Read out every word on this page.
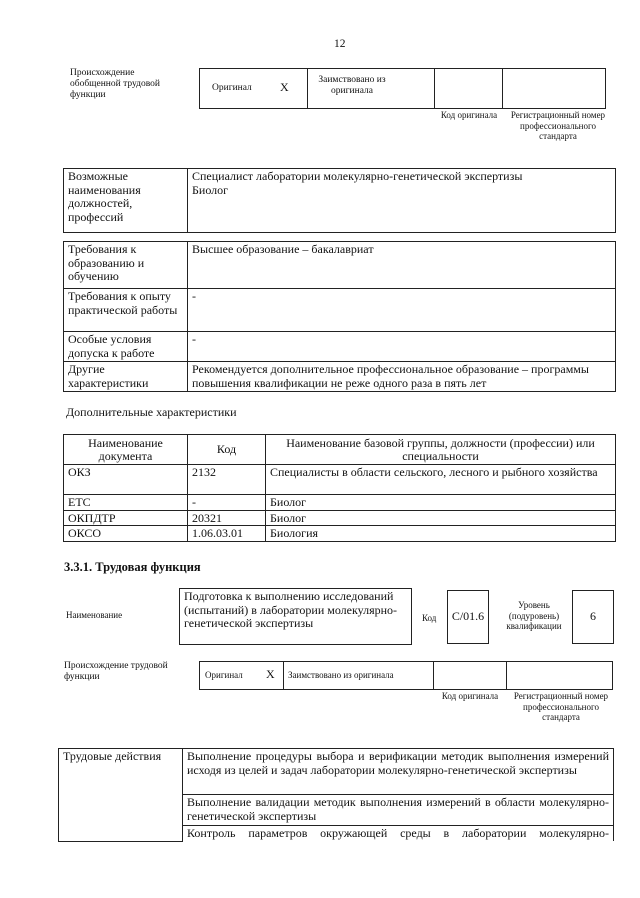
12
Происхождение обобщенной трудовой функции
Оригинал X	Заимствовано из оригинала
Код оригинала	Регистрационный номер профессионального стандарта
Возможные наименования должностей, профессий	
Специалист лаборатории молекулярно-генетической экспертизы
Биолог
Требования к образованию и обучению	Высшее образование – бакалавриат
Требования к опыту практической работы	-
Особые условия допуска к работе	-
Другие характеристики	Рекомендуется дополнительное профессиональное образование – программы повышения квалификации не реже одного раза в пять лет
Дополнительные характеристики
Наименование документа	Код	Наименование базовой группы, должности (профессии) или специальности
ОКЗ	2132	Специалисты в области сельского, лесного и рыбного хозяйства
ЕТС	-	Биолог
ОКПДТР	20321	Биолог
ОКСО	1.06.03.01	Биология
3.3.1. Трудовая функция
Наименование
Подготовка к выполнению исследований (испытаний) в лаборатории молекулярно-генетической экспертизы	Код C/01.6
Уровень (подуровень) квалификации
6
Происхождение трудовой функции	Оригинал X Заимствовано из оригинала
Код оригинала	Регистрационный номер профессионального стандарта
Трудовые действия	Выполнение процедуры выбора и верификации методик выполнения измерений исходя из целей и задач лаборатории молекулярно-генетической экспертизы
Выполнение валидации методик выполнения измерений в области молекулярно-генетической экспертизы
Контроль параметров окружающей среды в лаборатории молекулярно-
